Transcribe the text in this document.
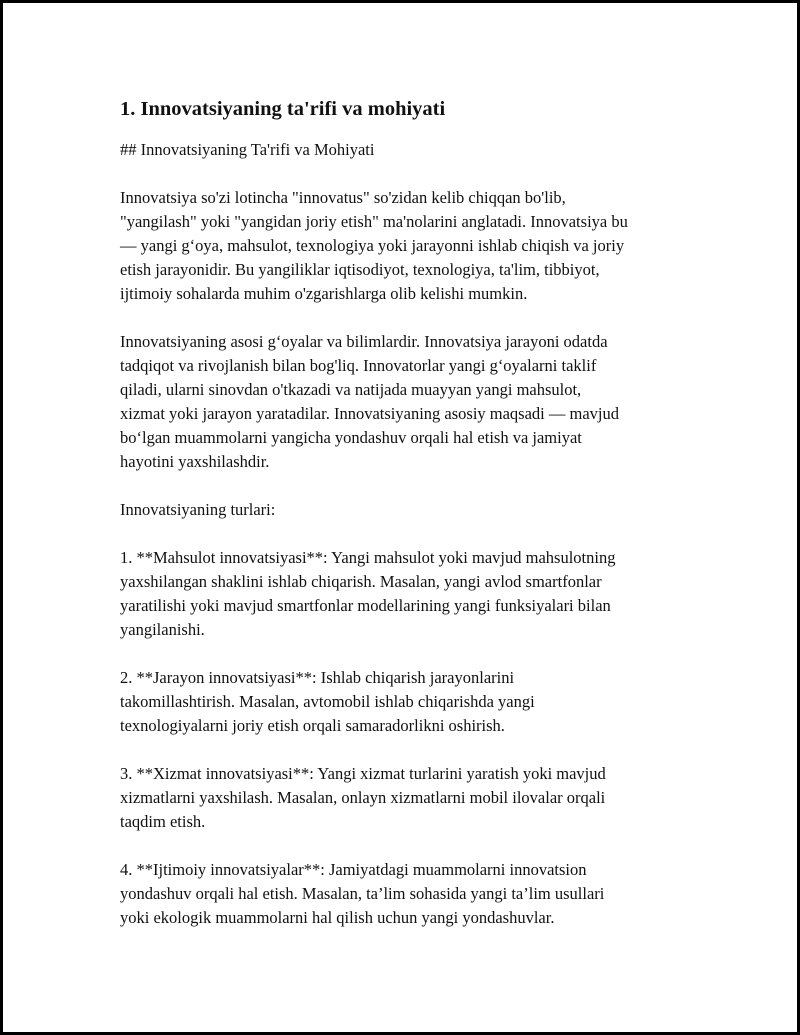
1. Innovatsiyaning ta'rifi va mohiyati
## Innovatsiyaning Ta'rifi va Mohiyati

Innovatsiya so'zi lotincha "innovatus" so'zidan kelib chiqqan bo'lib,
"yangilash" yoki "yangidan joriy etish" ma'nolarini anglatadi. Innovatsiya bu
— yangi g‘oya, mahsulot, texnologiya yoki jarayonni ishlab chiqish va joriy
etish jarayonidir. Bu yangiliklar iqtisodiyot, texnologiya, ta'lim, tibbiyot,
ijtimoiy sohalarda muhim o'zgarishlarga olib kelishi mumkin.

Innovatsiyaning asosi g‘oyalar va bilimlardir. Innovatsiya jarayoni odatda
tadqiqot va rivojlanish bilan bog'liq. Innovatorlar yangi g‘oyalarni taklif
qiladi, ularni sinovdan o'tkazadi va natijada muayyan yangi mahsulot,
xizmat yoki jarayon yaratadilar. Innovatsiyaning asosiy maqsadi — mavjud
bo‘lgan muammolarni yangicha yondashuv orqali hal etish va jamiyat
hayotini yaxshilashdir.

Innovatsiyaning turlari:

1. **Mahsulot innovatsiyasi**: Yangi mahsulot yoki mavjud mahsulotning
yaxshilangan shaklini ishlab chiqarish. Masalan, yangi avlod smartfonlar
yaratilishi yoki mavjud smartfonlar modellarining yangi funksiyalari bilan
yangilanishi.

2. **Jarayon innovatsiyasi**: Ishlab chiqarish jarayonlarini
takomillashtirish. Masalan, avtomobil ishlab chiqarishda yangi
texnologiyalarni joriy etish orqali samaradorlikni oshirish.

3. **Xizmat innovatsiyasi**: Yangi xizmat turlarini yaratish yoki mavjud
xizmatlarni yaxshilash. Masalan, onlayn xizmatlarni mobil ilovalar orqali
taqdim etish.

4. **Ijtimoiy innovatsiyalar**: Jamiyatdagi muammolarni innovatsion
yondashuv orqali hal etish. Masalan, ta’lim sohasida yangi ta’lim usullari
yoki ekologik muammolarni hal qilish uchun yangi yondashuvlar.
